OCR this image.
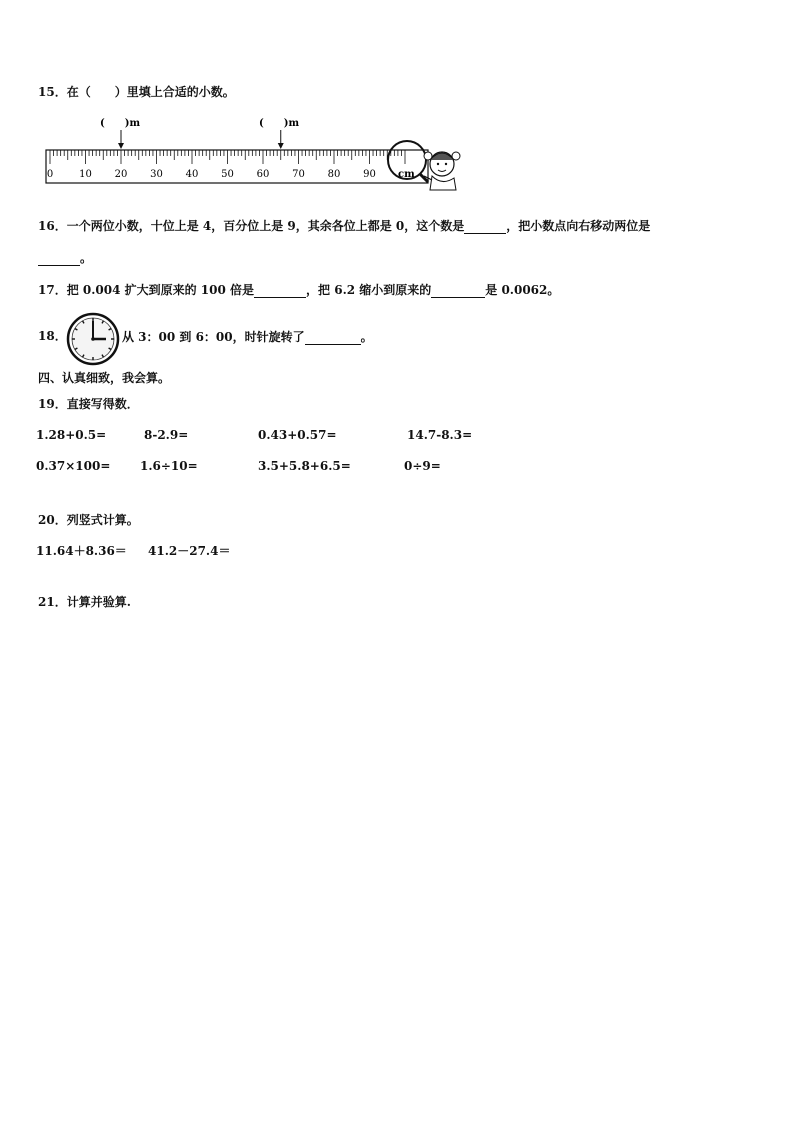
15．在（　　）里填上合适的小数。
(　　)m	(　　)m
0	10 20 30 40 50 60 70 80 90 cm
16．一个两位小数，十位上是 4，百分位上是 9，其余各位上都是 0，这个数是	，把小数点向右移动两位是
。
17．把 0.004 扩大到原来的 100 倍是	，把 6.2 缩小到原来的	是 0.0062。
18．	从 3：00 到 6：00，时针旋转了	。
四、认真细致，我会算。
19．直接写得数．
1.28+0.5=	8-2.9=	0.43+0.57=	14.7-8.3=
0.37×100= 1.6÷10=	3.5+5.8+6.5=	0÷9=
20．列竖式计算。
11.64＋8.36＝ 41.2－27.4＝
21．计算并验算.
